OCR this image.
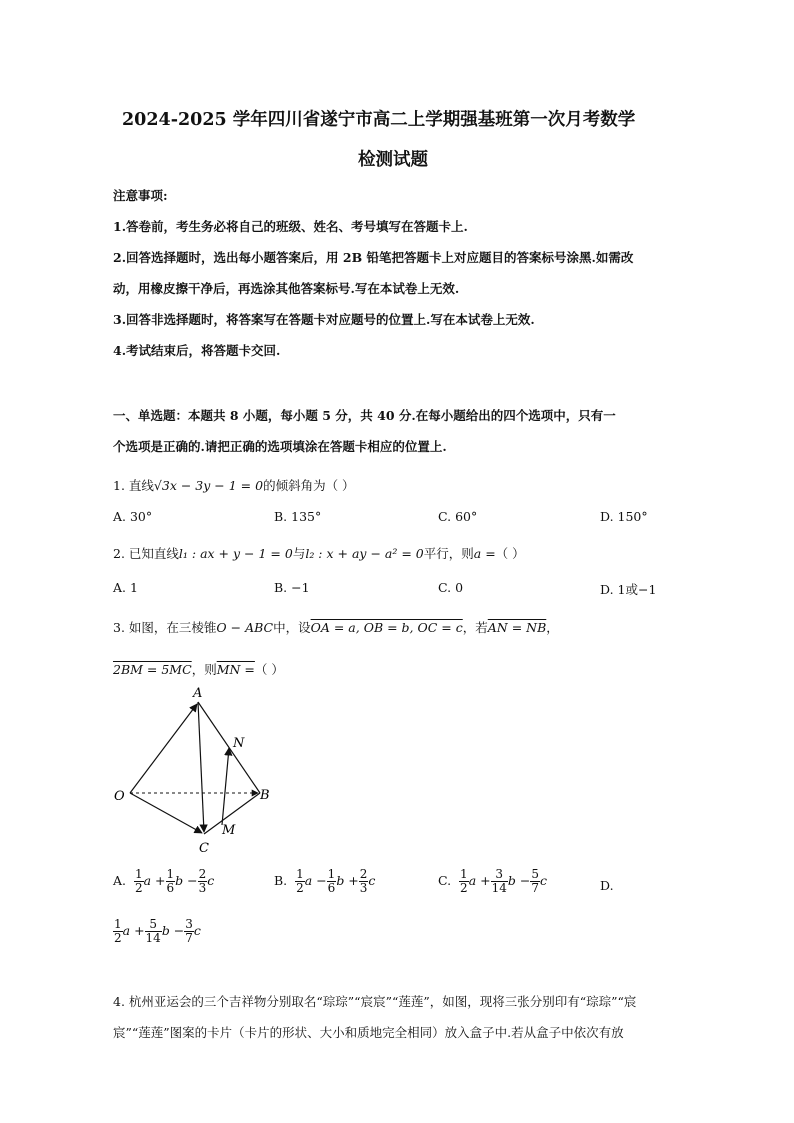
2024-2025 学年四川省遂宁市高二上学期强基班第一次月考数学
检测试题
注意事项:
1.答卷前，考生务必将自己的班级、姓名、考号填写在答题卡上.
2.回答选择题时，选出每小题答案后，用 2B 铅笔把答题卡上对应题目的答案标号涂黑.如需改
动，用橡皮擦干净后，再选涂其他答案标号.写在本试卷上无效.
3.回答非选择题时，将答案写在答题卡对应题号的位置上.写在本试卷上无效.
4.考试结束后，将答题卡交回.
一、单选题：本题共 8 小题，每小题 5 分，共 40 分.在每小题给出的四个选项中，只有一
个选项是正确的.请把正确的选项填涂在答题卡相应的位置上.
1. 直线√3x − 3y − 1 = 0的倾斜角为（ ）
A. 30°	B. 135°	C. 60°	D. 150°
2. 已知直线l₁ : ax + y − 1 = 0与l₂ : x + ay − a² = 0平行，则a =（ ）
A. 1	B. −1	C. 0	D. 1或−1
3. 如图，在三棱锥O − ABC中，设OA = a, OB = b, OC = c，若AN = NB，
2BM = 5MC，则MN =（ ）
A
N
O	B
M
C
A. $\frac{1}{2}$ $a + \frac{1}{6}$ $b - \frac{2}{3}$ c	B. $\frac{1}{2}$ $a - \frac{1}{6}$ $b + \frac{2}{3}$ c	C. $\frac{1}{2}$ $a + \frac{3}{14}$ $b - \frac{5}{7}$ c	D.
$\frac{1}{2}$ $a + \frac{5}{14}$ $b - \frac{3}{7}$ c
4. 杭州亚运会的三个吉祥物分别取名“琮琮”“宸宸”“莲莲”，如图，现将三张分别印有“琮琮”“宸
宸”“莲莲”图案的卡片（卡片的形状、大小和质地完全相同）放入盒子中.若从盒子中依次有放
